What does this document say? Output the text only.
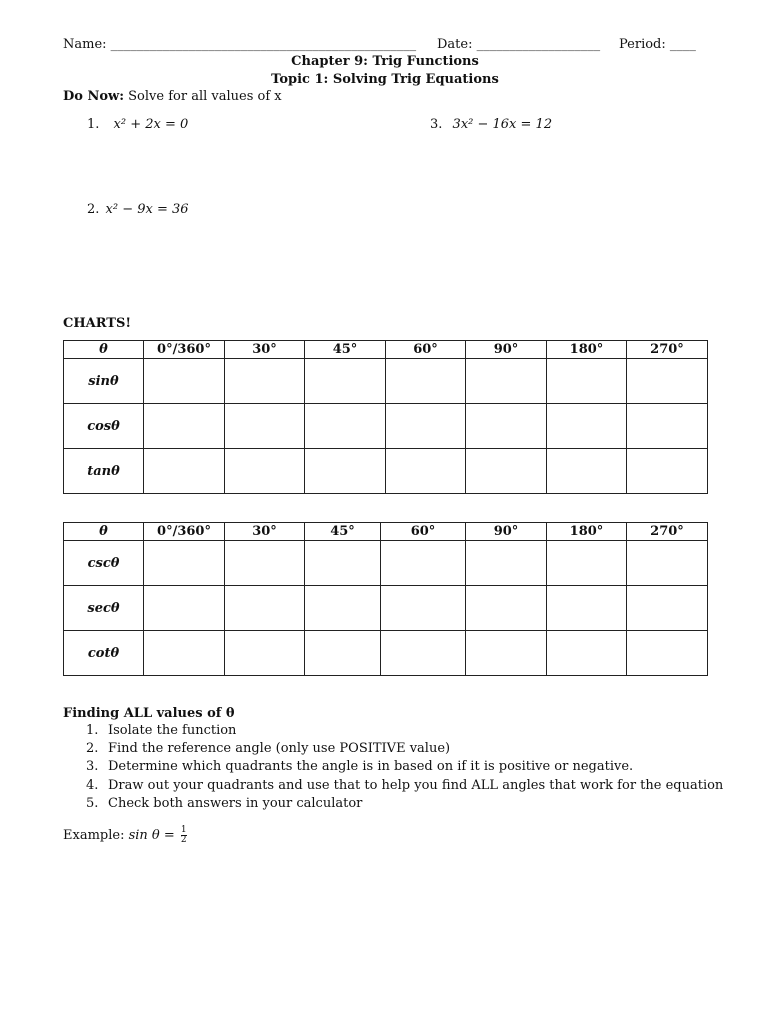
Name: _______________________________________________ Date: ___________________ Period: ____
Chapter 9: Trig Functions
Topic 1: Solving Trig Equations
Do Now: Solve for all values of x
1. x² + 2x = 0	3. 3x² − 16x = 12
2. x² − 9x = 36
CHARTS!
θ	0°/360°	30°	45°	60°	90°	180°	270°
sinθ							
cosθ							
tanθ							
θ	0°/360°	30°	45°	60°	90°	180°	270°
cscθ							
secθ							
cotθ							
Finding ALL values of θ
1. Isolate the function
2. Find the reference angle (only use POSITIVE value)
3. Determine which quadrants the angle is in based on if it is positive or negative.
4. Draw out your quadrants and use that to help you find ALL angles that work for the equation
5. Check both answers in your calculator
Example: $\sin \theta = \frac{1}{2}$
